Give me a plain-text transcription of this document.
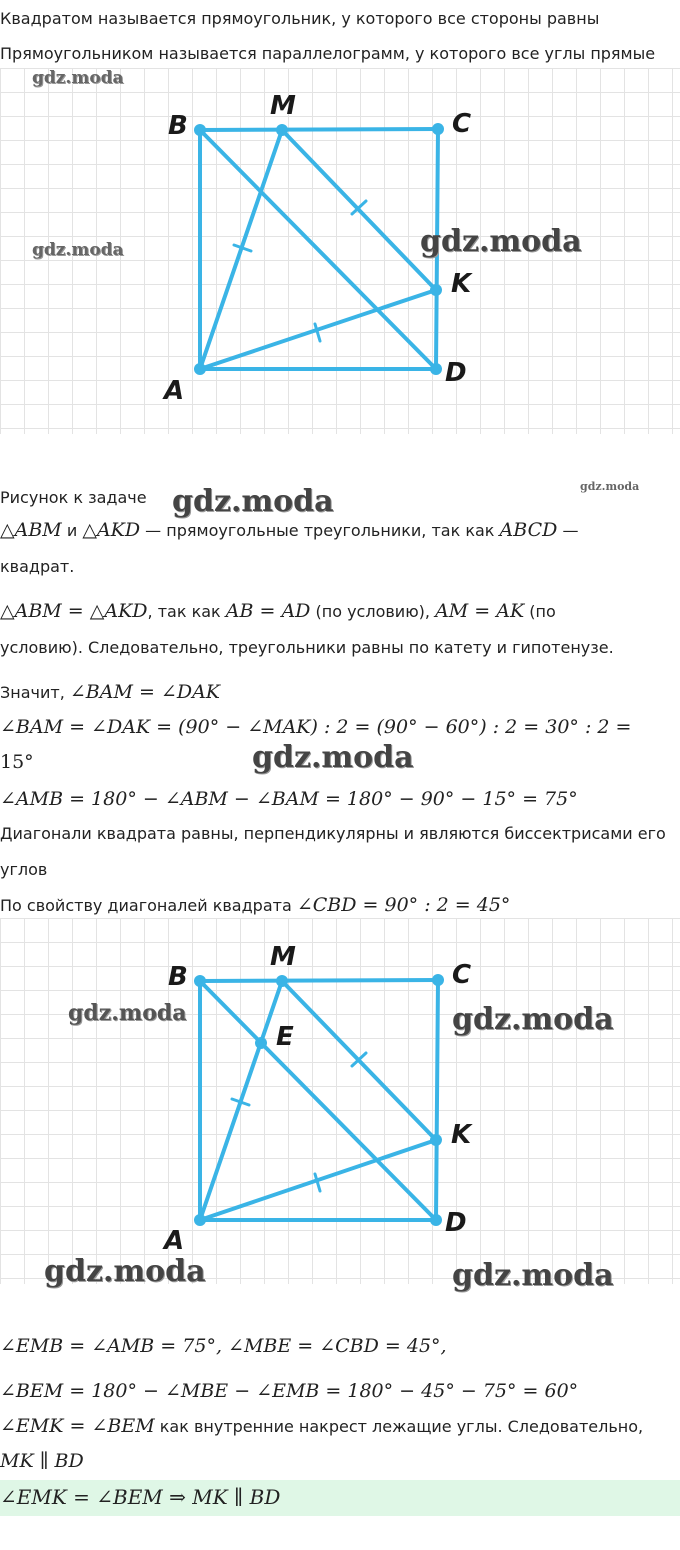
Квадратом называется прямоугольник, у которого все стороны равны
Прямоугольником называется параллелограмм, у которого все углы прямые
B
M
C
K
A
D
gdz.moda
gdz.moda	gdz.moda
Рисунок к задаче gdz.moda	gdz.moda
△ABM и △AKD — прямоугольные треугольники, так как ABCD —
квадрат.
△ABM = △AKD, так как AB = AD (по условию), AM = AK (по
условию). Следовательно, треугольники равны по катету и гипотенузе.
Значит, ∠BAM = ∠DAK
∠BAM = ∠DAK = (90° − ∠MAK) : 2 = (90° − 60°) : 2 = 30° : 2 =
15°	gdz.moda
∠AMB = 180° − ∠ABM − ∠BAM = 180° − 90° − 15° = 75°
Диагонали квадрата равны, перпендикулярны и являются биссектрисами его
углов
По свойству диагоналей квадрата ∠CBD = 90° : 2 = 45°
B
M
C
E
K
A
D
gdz.moda	gdz.moda
gdz.moda	gdz.moda
∠EMB = ∠AMB = 75°, ∠MBE = ∠CBD = 45°,
∠BEM = 180° − ∠MBE − ∠EMB = 180° − 45° − 75° = 60°
∠EMK = ∠BEM как внутренние накрест лежащие углы. Следовательно,
MK ∥ BD
∠EMK = ∠BEM ⇒ MK ∥ BD
